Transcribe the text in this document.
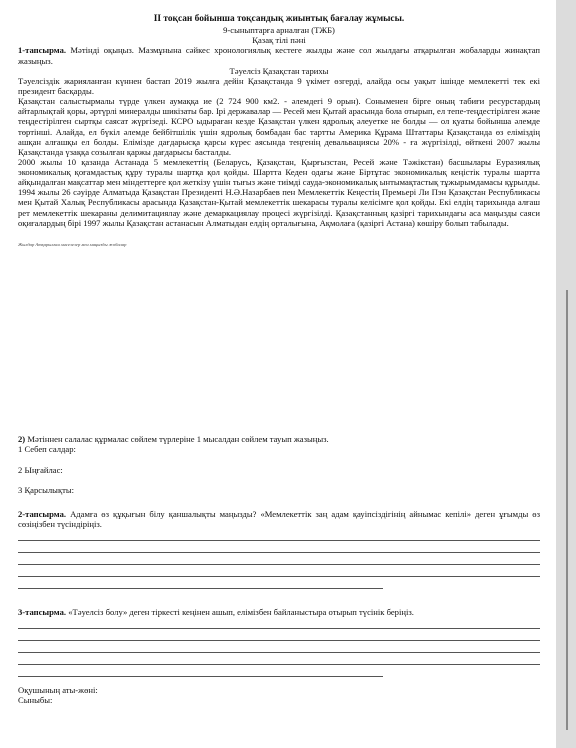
II тоқсан бойынша тоқсандық жиынтық бағалау жұмысы.

9-сыныптарға арналған (ТЖБ)

Қазақ тілі пәні

1-тапсырма. Мәтінді оқыңыз. Мазмұнына сәйкес хронологиялық кестеге жылды және сол жылдағы атқарылған жобаларды жинақтап жазыңыз.

Тәуелсіз Қазақстан тарихы

Тәуелсіздік жарияланған күннен бастап 2019 жылға дейін Қазақстанда 9 үкімет өзгерді, алайда осы уақыт ішінде мемлекетті тек екі президент басқарды.

Қазақстан салыстырмалы түрде үлкен аумаққа ие (2 724 900 км2. - әлемдегі 9 орын). Соныменен бірге оның табиғи ресурстардың айтарлықтай қоры, әртүрлі минералды шикізаты бар. Ірі державалар — Ресей мен Қытай арасында бола отырып, ел тепе-теңдестірілген және теңдестірілген сыртқы саясат жүргізеді. КСРО ыдыраған кезде Қазақстан үлкен ядролық әлеуетке не болды — ол қуаты бойынша әлемде төртінші. Алайда, ел бүкіл әлемде бейбітшілік үшін ядролық бомбадан бас тартты Америка Құрама Штаттары Қазақстанда өз еліміздің ашқан алғашқы ел болды. Елімізде дағдарысқа қарсы күрес аясында теңгенің девальвациясы 20% - ға жүргізілді, өйткені 2007 жылы Қазақстанда үзаққа созылған қаржы дағдарысы басталды.

2000 жылы 10 қазанда Астанада 5 мемлекеттің (Беларусь, Қазақстан, Қырғызстан, Ресей және Тәжікстан) басшылары Еуразиялық экономикалық қоғамдастық құру туралы шартқа қол қойды. Шартта Кеден одағы және Біртұтас экономикалық кеңістік туралы шартта айқындалған мақсаттар мен міндеттерге қол жеткізу үшін тығыз және тиімді сауда-экономикалық ынтымақтастық тұжырымдамасы құрылды. 1994 жылы 26 сәуірде Алматыда Қазақстан Президенті Н.Ә.Назарбаев пен Мемлекеттік Кеңестің Премьері Ли Пэн Қазақстан Республикасы мен Қытай Халық Республикасы арасында Қазақстан-Қытай мемлекеттік шекарасы туралы келісімге қол қойды. Екі елдің тарихында алғаш рет мемлекеттік шекараны делимитациялау және демаркациялау процесі жүргізілді. Қазақстанның қазіргі тарихындағы аса маңызды саяси оқиғалардың бірі 1997 жылы Қазақстан астанасын Алматыдан елдің орталығына, Ақмолаға (қазіргі Астана) көшіру болып табылады.

Жылдар Атқарылған мәселелер мен маңызды жобалар

2) Мәтіннен салалас құрмалас сөйлем түрлеріне 1 мысалдан сөйлем тауып жазыңыз.

1 Себеп салдар:

2 Ыңғайлас:

3 Қарсылықты:

2-тапсырма. Адамға өз құқығын білу қаншалықты маңызды? «Мемлекеттік заң адам қауіпсіздігінің айнымас кепілі» деген ұғымды өз сөзіңізбен түсіндіріңіз.

3-тапсырма. «Тәуелсіз болу» деген тіркесті кеңінен ашып, елімізбен байланыстыра отырып түсінік беріңіз.

Оқушының аты-жөні:

Сыныбы:
